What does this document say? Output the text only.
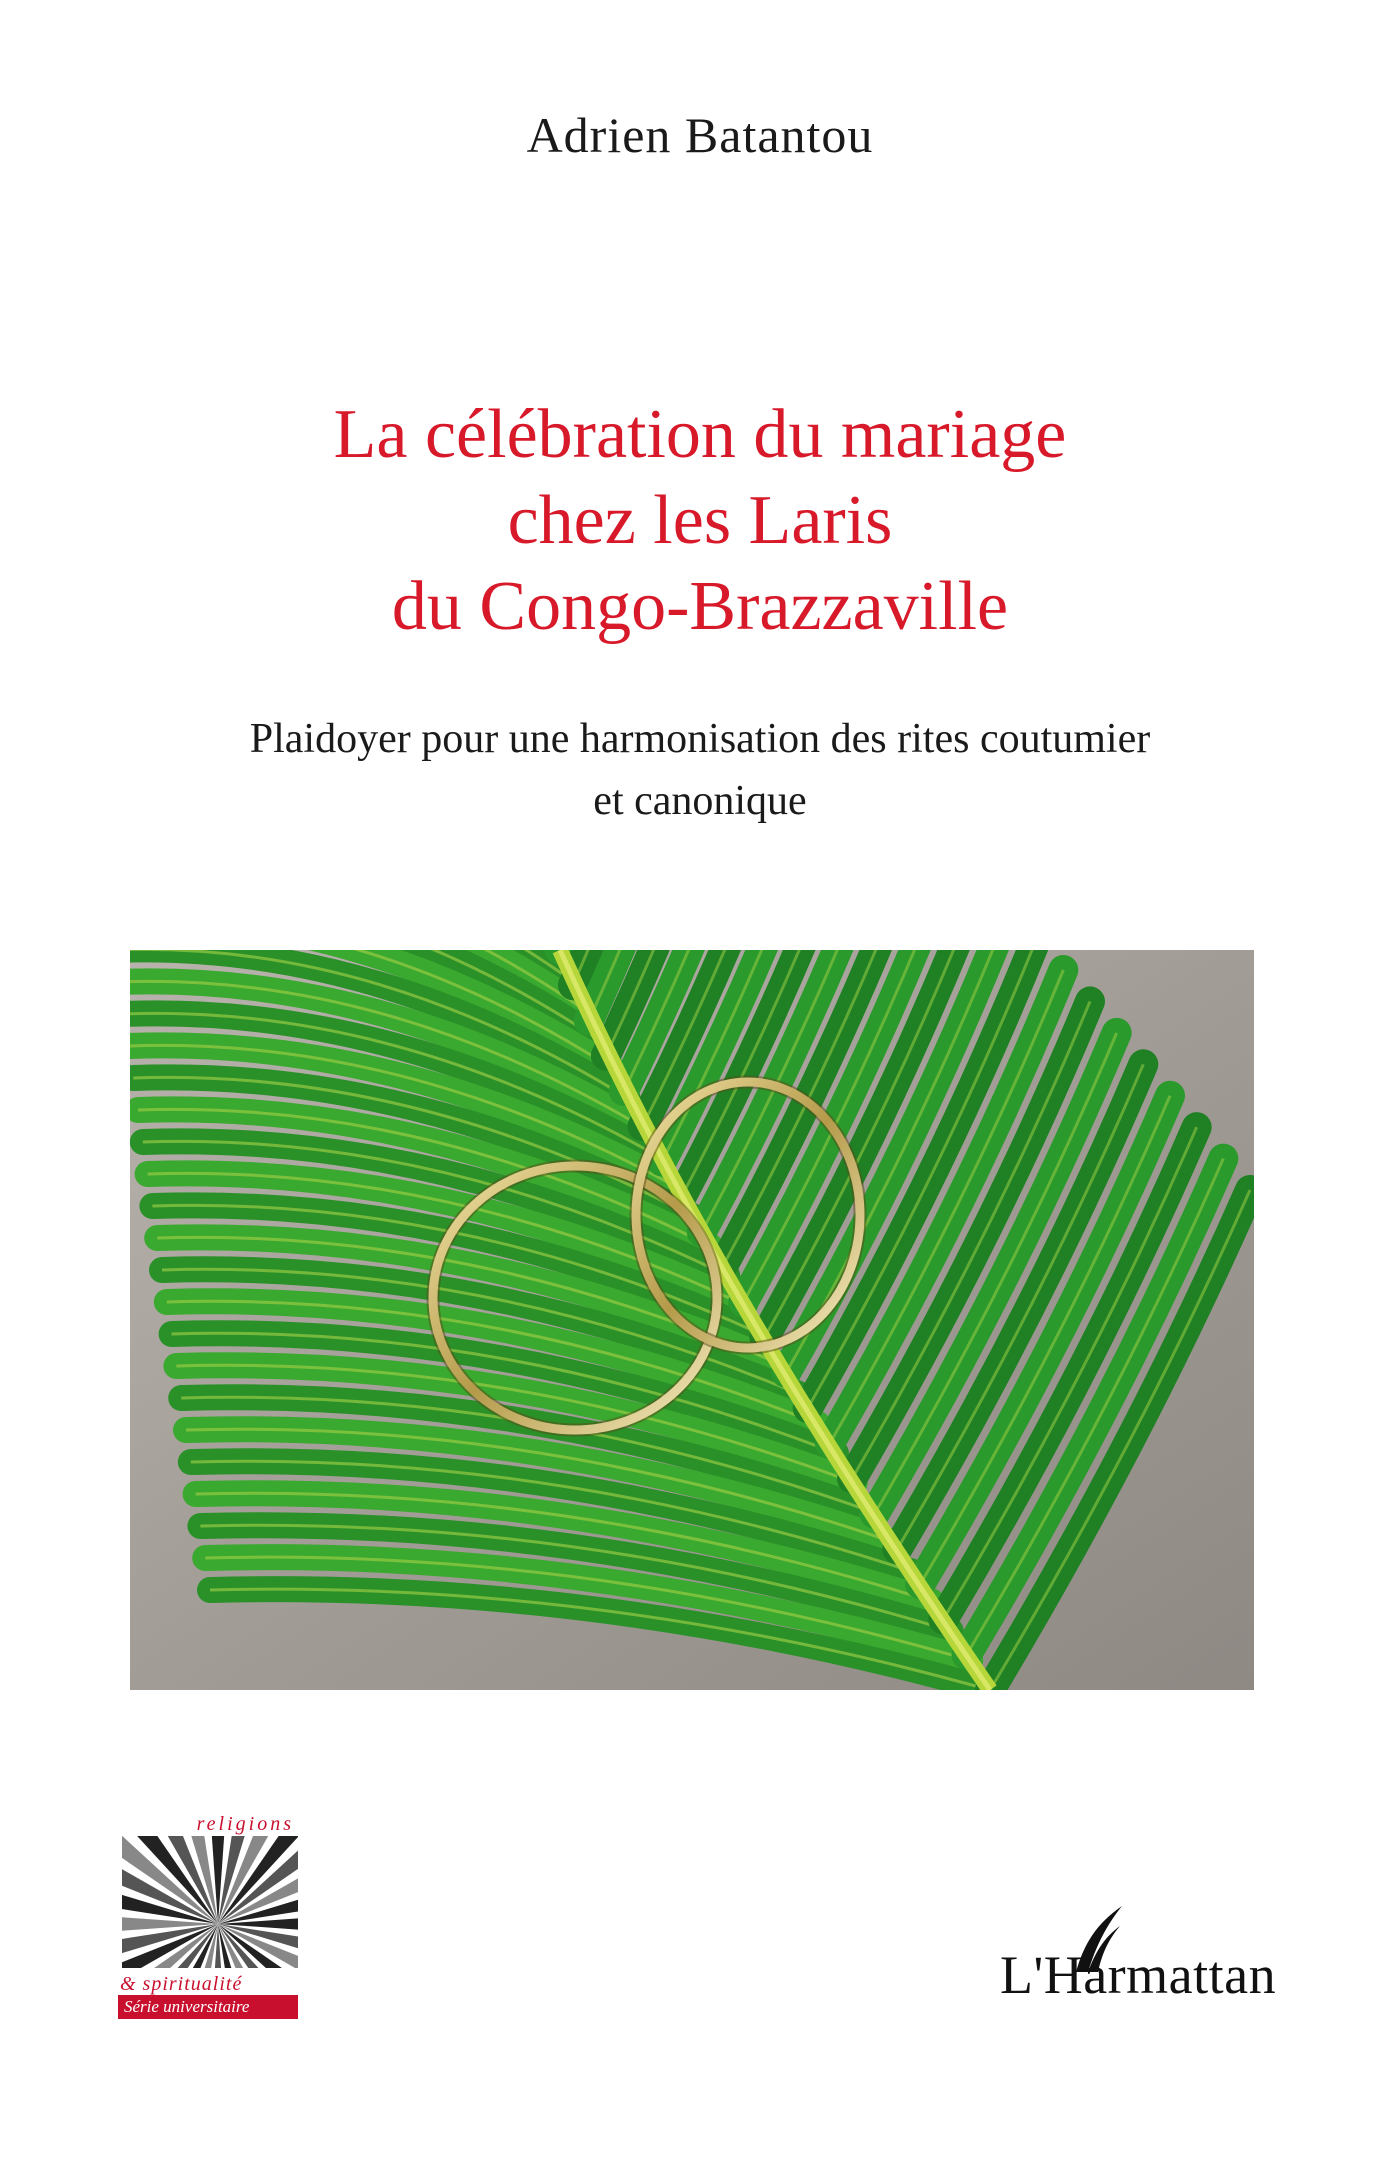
Adrien Batantou
La célébration du mariage
chez les Laris
du Congo-Brazzaville
Plaidoyer pour une harmonisation des rites coutumier
et canonique
religions
& spiritualité
Série universitaire
L'Harmattan
